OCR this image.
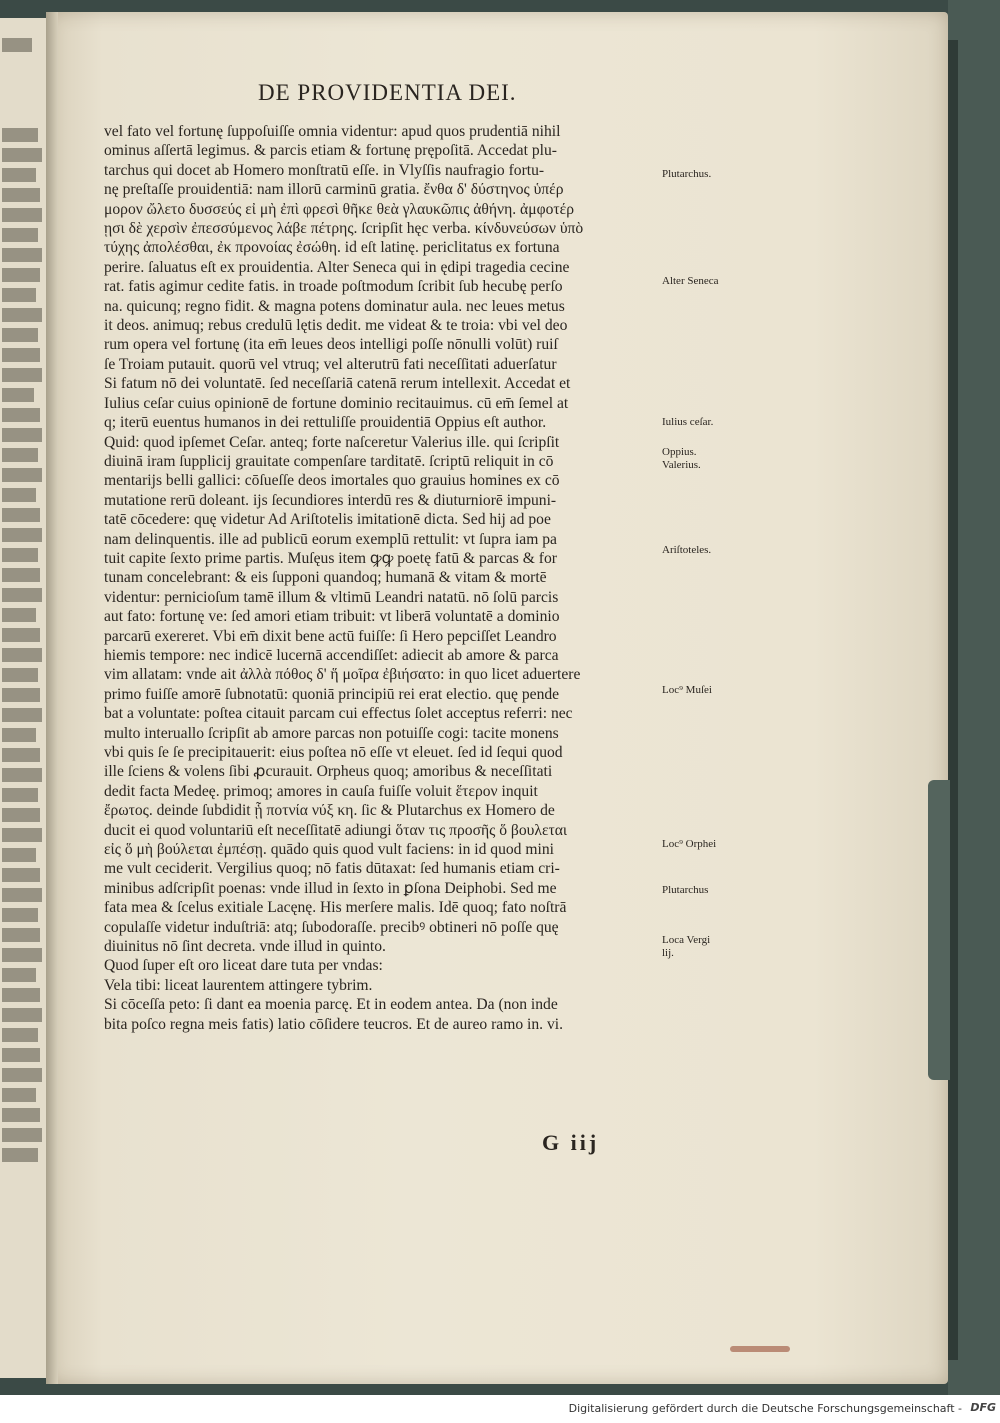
DE PROVIDENTIA DEI.
vel fato vel fortunę ſuppoſuiſſe omnia videntur: apud quos prudentiā nihil
ominus aſſertā legimus. & parcis etiam & fortunę prępoſitā. Accedat plu-
tarchus qui docet ab Homero monſtratū eſſe. in Vlyſſis naufragio fortu-
nę preſtaſſe prouidentiā: nam illorū carminū gratia. ἔνθα δ' δύστηνος ὑπέρ
μορον ὤλετο δυσσεύς εἰ μὴ ἐπὶ φρεσὶ θῆκε θεὰ γλαυκῶπις ἀθήνη. ἀμφοτέρ
ῃσι δὲ χερσὶν ἐπεσσύμενος λάβε πέτρης. ſcripſit hęc verba. κίνδυνεύσων ὑπὸ
τύχης ἀπολέσθαι, ἐκ προνοίας ἐσώθη. id eſt latinę. periclitatus ex fortuna
perire. ſaluatus eſt ex prouidentia. Alter Seneca qui in ędipi tragedia cecine
rat. fatis agimur cedite fatis. in troade poſtmodum ſcribit ſub hecubę perſo
na. quicunq; regno fidit. & magna potens dominatur aula. nec leues metus
it deos. animuq; rebus credulū lętis dedit. me videat & te troia: vbi vel deo
rum opera vel fortunę (ita em̄ leues deos intelligi poſſe nōnulli volūt) ruiſ
ſe Troiam putauit. quorū vel vtruq; vel alterutrū fati neceſſitati aduerſatur
Si fatum nō dei voluntatē. ſed neceſſariā catenā rerum intellexit. Accedat et
Iulius ceſar cuius opinionē de fortune dominio recitauimus. cū em̄ ſemel at
q; iterū euentus humanos in dei rettuliſſe prouidentiā Oppius eſt author.
Quid: quod ipſemet Ceſar. anteq; forte naſceretur Valerius ille. qui ſcripſit
diuinā iram ſupplicij grauitate compenſare tarditatē. ſcriptū reliquit in cō
mentarijs belli gallici: cōſueſſe deos imortales quo grauius homines ex cō
mutatione rerū doleant. ijs ſecundiores interdū res & diuturniorē impuni-
tatē cōcedere: quę videtur Ad Ariſtotelis imitationē dicta. Sed hij ad poe
nam delinquentis. ille ad publicū eorum exemplū rettulit: vt ſupra iam pa
tuit capite ſexto prime partis. Muſęus item ꝙꝙ poetę fatū & parcas & for
tunam concelebrant: & eis ſupponi quandoq; humanā & vitam & mortē
videntur: pernicioſum tamē illum & vltimū Leandri natatū. nō ſolū parcis
aut fato: fortunę ve: ſed amori etiam tribuit: vt liberā voluntatē a dominio
parcarū exereret. Vbi em̄ dixit bene actū fuiſſe: ſi Hero pepciſſet Leandro
hiemis tempore: nec indicē lucernā accendiſſet: adiecit ab amore & parca
vim allatam: vnde ait ἀλλὰ πόθος δ' ἥ μοῖρα ἐβιήσατο: in quo licet aduertere
primo fuiſſe amorē ſubnotatū: quoniā principiū rei erat electio. quę pende
bat a voluntate: poſtea citauit parcam cui effectus ſolet acceptus referri: nec
multo interuallo ſcripſit ab amore parcas non potuiſſe cogi: tacite monens
vbi quis ſe ſe precipitauerit: eius poſtea nō eſſe vt eleuet. ſed id ſequi quod
ille ſciens & volens ſibi ꝓcurauit. Orpheus quoq; amoribus & neceſſitati
dedit facta Medeę. primoq; amores in cauſa fuiſſe voluit ἕτερον inquit
ἔρωτος. deinde ſubdidit ᾗ ποτνία νύξ κη. ſic & Plutarchus ex Homero de
ducit ei quod voluntariū eſt neceſſitatē adiungi ὅταν τις προσῆς ὅ βουλεται
εἰς ὅ μὴ βούλεται ἐμπέσῃ. quādo quis quod vult faciens: in id quod mini
me vult ceciderit. Vergilius quoq; nō fatis dūtaxat: ſed humanis etiam cri-
minibus adſcripſit poenas: vnde illud in ſexto in ꝑſona Deiphobi. Sed me
fata mea & ſcelus exitiale Lacęnę. His merſere malis. Idē quoq; fato noſtrā
copulaſſe videtur induſtriā: atq; ſubodoraſſe. precibꝰ obtineri nō poſſe quę
diuinitus nō ſint decreta. vnde illud in quinto.
Quod ſuper eſt oro liceat dare tuta per vndas:
Vela tibi: liceat laurentem attingere tybrim.
Si cōceſſa peto: ſi dant ea moenia parcę. Et in eodem antea. Da (non inde
bita poſco regna meis fatis) latio cōſidere teucros. Et de aureo ramo in. vi.
Plutarchus.
Alter Seneca
Iulius ceſar.
Oppius.
Valerius.
Ariſtoteles.
Loc⁹ Muſei
Loc⁹ Orphei
Plutarchus
Loca Vergi
lij.
G iij
Digitalisierung gefördert durch die Deutsche Forschungsgemeinschaft - DFG
